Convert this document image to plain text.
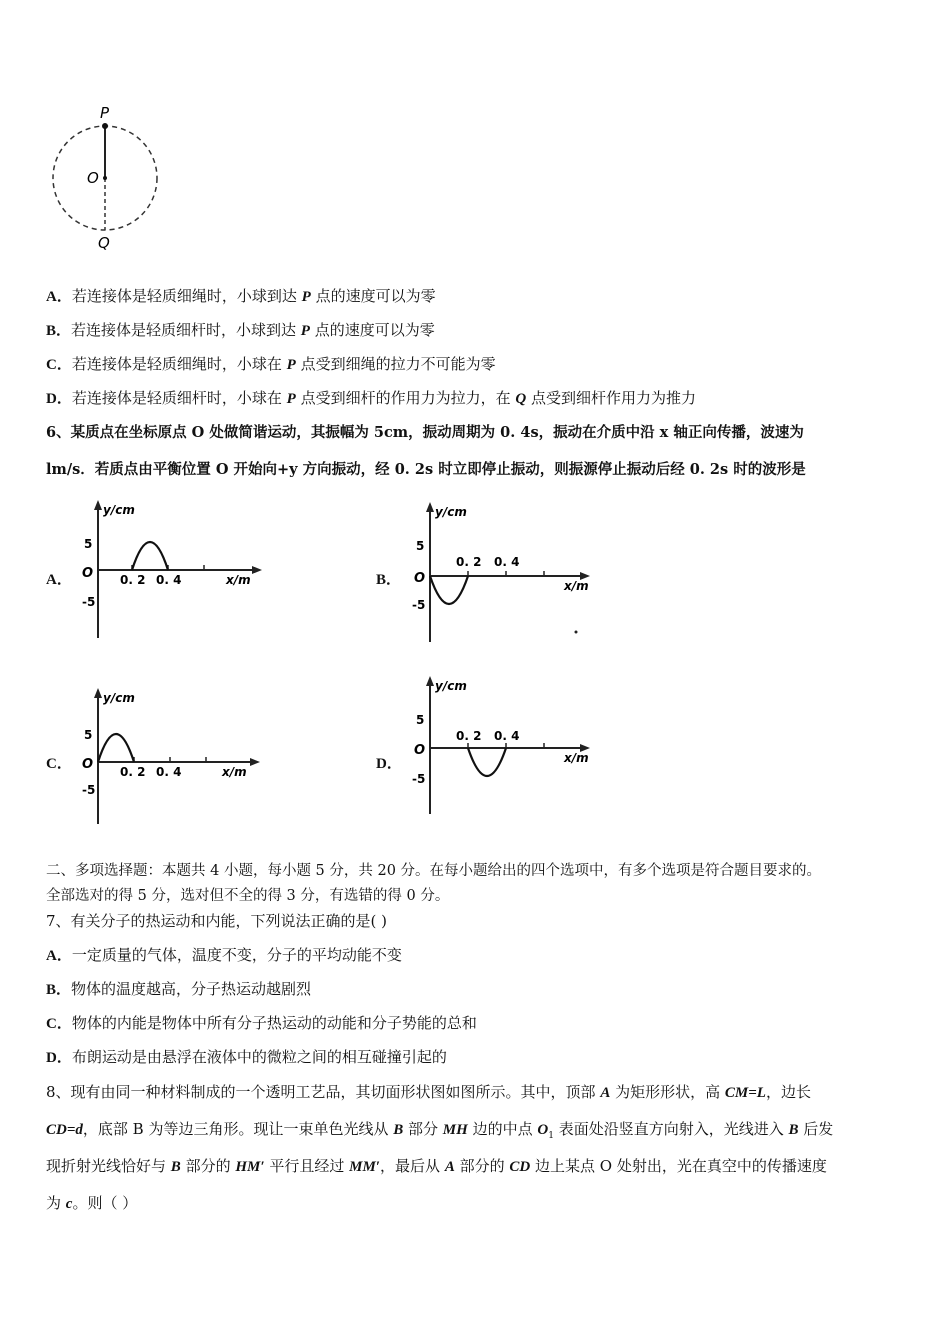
P
O
Q
A．若连接体是轻质细绳时，小球到达 P 点的速度可以为零
B．若连接体是轻质细杆时，小球到达 P 点的速度可以为零
C．若连接体是轻质细绳时，小球在 P 点受到细绳的拉力不可能为零
D．若连接体是轻质细杆时，小球在 P 点受到细杆的作用力为拉力，在 Q 点受到细杆作用力为推力
6、某质点在坐标原点 O 处做简谐运动，其振幅为 5cm，振动周期为 0. 4s，振动在介质中沿 x 轴正向传播，波速为
lm/s．若质点由平衡位置 O 开始向+y 方向振动，经 0. 2s 时立即停止振动，则振源停止振动后经 0. 2s 时的波形是
A．	B．
C．	D．
y/cm
5
O
-5
0. 2 0. 4	x/m
y/cm
5
O
-5
0. 2 0. 4
x/m
y/cm
5
O
-5
0. 2 0. 4	x/m
y/cm
5
O
-5
0. 2 0. 4
x/m
二、多项选择题：本题共 4 小题，每小题 5 分，共 20 分。在每小题给出的四个选项中，有多个选项是符合题目要求的。
全部选对的得 5 分，选对但不全的得 3 分，有选错的得 0 分。
7、有关分子的热运动和内能，下列说法正确的是( )
A．一定质量的气体，温度不变，分子的平均动能不变
B．物体的温度越高，分子热运动越剧烈
C．物体的内能是物体中所有分子热运动的动能和分子势能的总和
D．布朗运动是由悬浮在液体中的微粒之间的相互碰撞引起的
8、现有由同一种材料制成的一个透明工艺品，其切面形状图如图所示。其中，顶部 A 为矩形形状，高 CM=L，边长
CD=d，底部 B 为等边三角形。现让一束单色光线从 B 部分 MH 边的中点 $O_1$ 表面处沿竖直方向射入，光线进入 B 后发
现折射光线恰好与 B 部分的 HM′ 平行且经过 MM′，最后从 A 部分的 CD 边上某点 O 处射出，光在真空中的传播速度
为 c。则（ ）
